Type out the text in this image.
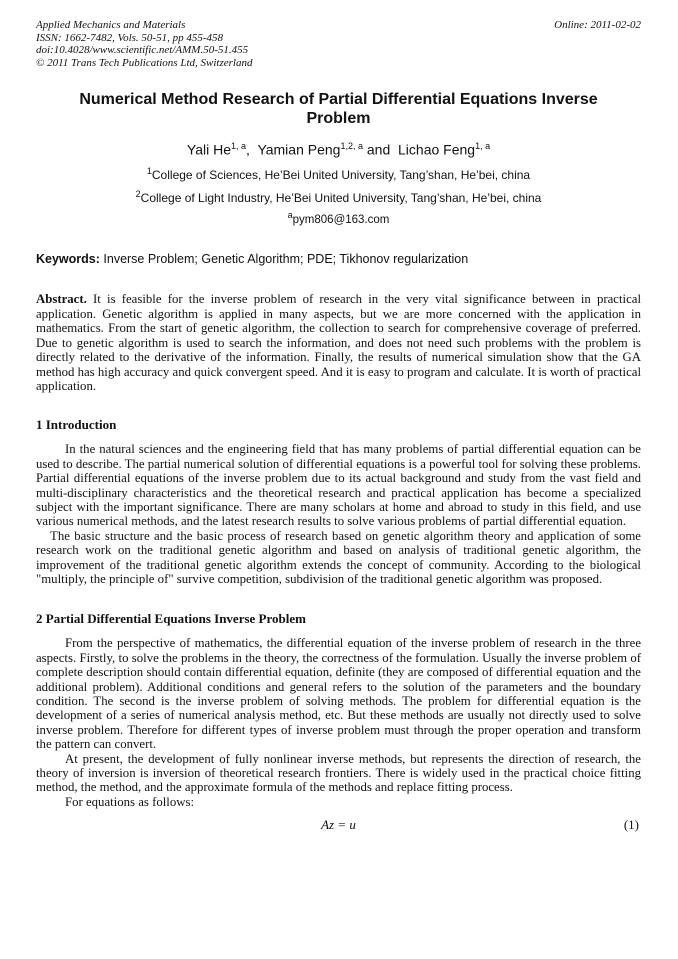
Applied Mechanics and Materials
ISSN: 1662-7482, Vols. 50-51, pp 455-458
doi:10.4028/www.scientific.net/AMM.50-51.455
© 2011 Trans Tech Publications Ltd, Switzerland
Online: 2011-02-02
Numerical Method Research of Partial Differential Equations Inverse Problem
Yali He$^{1, a}$,  Yamian Peng$^{1,2, a}$ and  Lichao Feng$^{1, a}$
$^1$College of Sciences, He’Bei United University, Tang’shan, He’bei, china
$^2$College of Light Industry, He’Bei United University, Tang’shan, He’bei, china
$^a$pym806@163.com
Keywords: Inverse Problem; Genetic Algorithm; PDE; Tikhonov regularization

Abstract. It is feasible for the inverse problem of research in the very vital significance between in practical application. Genetic algorithm is applied in many aspects, but we are more concerned with the application in mathematics. From the start of genetic algorithm, the collection to search for comprehensive coverage of preferred. Due to genetic algorithm is used to search the information, and does not need such problems with the problem is directly related to the derivative of the information. Finally, the results of numerical simulation show that the GA method has high accuracy and quick convergent speed. And it is easy to program and calculate. It is worth of practical application.

1 Introduction

In the natural sciences and the engineering field that has many problems of partial differential equation can be used to describe. The partial numerical solution of differential equations is a powerful tool for solving these problems. Partial differential equations of the inverse problem due to its actual background and study from the vast field and multi-disciplinary characteristics and the theoretical research and practical application has become a specialized subject with the important significance. There are many scholars at home and abroad to study in this field, and use various numerical methods, and the latest research results to solve various problems of partial differential equation.

The basic structure and the basic process of research based on genetic algorithm theory and application of some research work on the traditional genetic algorithm and based on analysis of traditional genetic algorithm, the improvement of the traditional genetic algorithm extends the concept of community. According to the biological "multiply, the principle of" survive competition, subdivision of the traditional genetic algorithm was proposed.

2 Partial Differential Equations Inverse Problem

From the perspective of mathematics, the differential equation of the inverse problem of research in the three aspects. Firstly, to solve the problems in the theory, the correctness of the formulation. Usually the inverse problem of complete description should contain differential equation, definite (they are composed of differential equation and the additional problem). Additional conditions and general refers to the solution of the parameters and the boundary condition. The second is the inverse problem of solving methods. The problem for differential equation is the development of a series of numerical analysis method, etc. But these methods are usually not directly used to solve inverse problem. Therefore for different types of inverse problem must through the proper operation and transform the pattern can convert.

At present, the development of fully nonlinear inverse methods, but represents the direction of research, the theory of inversion is inversion of theoretical research frontiers. There is widely used in the practical choice fitting method, the method, and the approximate formula of the methods and replace fitting process.

For equations as follows:

Az = u	(1)
